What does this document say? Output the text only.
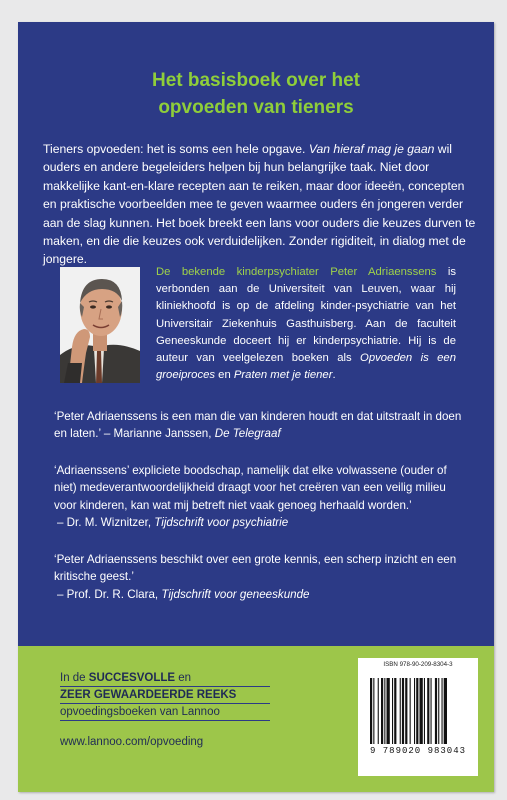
Het basisboek over het
opvoeden van tieners
Tieners opvoeden: het is soms een hele opgave. Van hieraf mag je gaan wil ouders en andere begeleiders helpen bij hun belangrijke taak. Niet door makkelijke kant-en-klare recepten aan te reiken, maar door ideeën, concepten en praktische voorbeelden mee te geven waarmee ouders én jongeren verder aan de slag kunnen. Het boek breekt een lans voor ouders die keuzes durven te maken, en die die keuzes ook verduidelijken. Zonder rigiditeit, in dialog met de jongere.
De bekende kinderpsychiater Peter Adriaenssens is verbonden aan de Universiteit van Leuven, waar hij kliniekhoofd is op de afdeling kinder-psychiatrie van het Universitair Ziekenhuis Gasthuisberg. Aan de faculteit Geneeskunde doceert hij er kinderpsychiatrie. Hij is de auteur van veelgelezen boeken als Opvoeden is een groeiproces en Praten met je tiener.
‘Peter Adriaenssens is een man die van kinderen houdt en dat uitstraalt in doen en laten.’ – Marianne Janssen, De Telegraaf
‘Adriaenssens’ expliciete boodschap, namelijk dat elke volwassene (ouder of niet) medeverantwoordelijkheid draagt voor het creëren van een veilig milieu voor kinderen, kan wat mij betreft niet vaak genoeg herhaald worden.’
– Dr. M. Wiznitzer, Tijdschrift voor psychiatrie
‘Peter Adriaenssens beschikt over een grote kennis, een scherp inzicht en een kritische geest.’
– Prof. Dr. R. Clara, Tijdschrift voor geneeskunde
In de SUCCESVOLLE en
ZEER GEWAARDEERDE REEKS
opvoedingsboeken van Lannoo
www.lannoo.com/opvoeding
ISBN 978-90-209-8304-3
9 789020 983043
